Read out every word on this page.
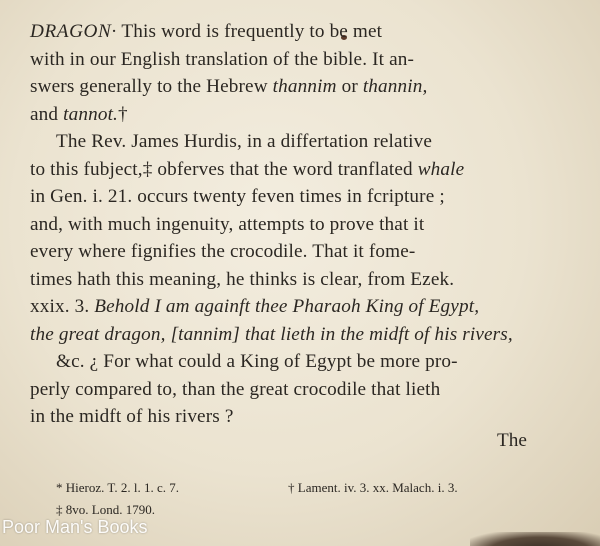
DRAGON· This word is frequently to be met
with in our English translation of the bible. It an-
swers generally to the Hebrew thannim or thannin,
and tannot.†
The Rev. James Hurdis, in a differtation relative
to this fubject,‡ obferves that the word tranflated whale
in Gen. i. 21. occurs twenty feven times in fcripture ;
and, with much ingenuity, attempts to prove that it
every where fignifies the crocodile. That it fome-
times hath this meaning, he thinks is clear, from Ezek.
xxix. 3. Behold I am againft thee Pharaoh King of Egypt,
the great dragon, [tannim] that lieth in the midft of his rivers,
&c. ¿ For what could a King of Egypt be more pro-
perly compared to, than the great crocodile that lieth
in the midft of his rivers ?
The
* Hieroz. T. 2. l. 1. c. 7.	† Lament. iv. 3. xx. Malach. i. 3.
‡ 8vo. Lond. 1790.
Poor Man's Books
